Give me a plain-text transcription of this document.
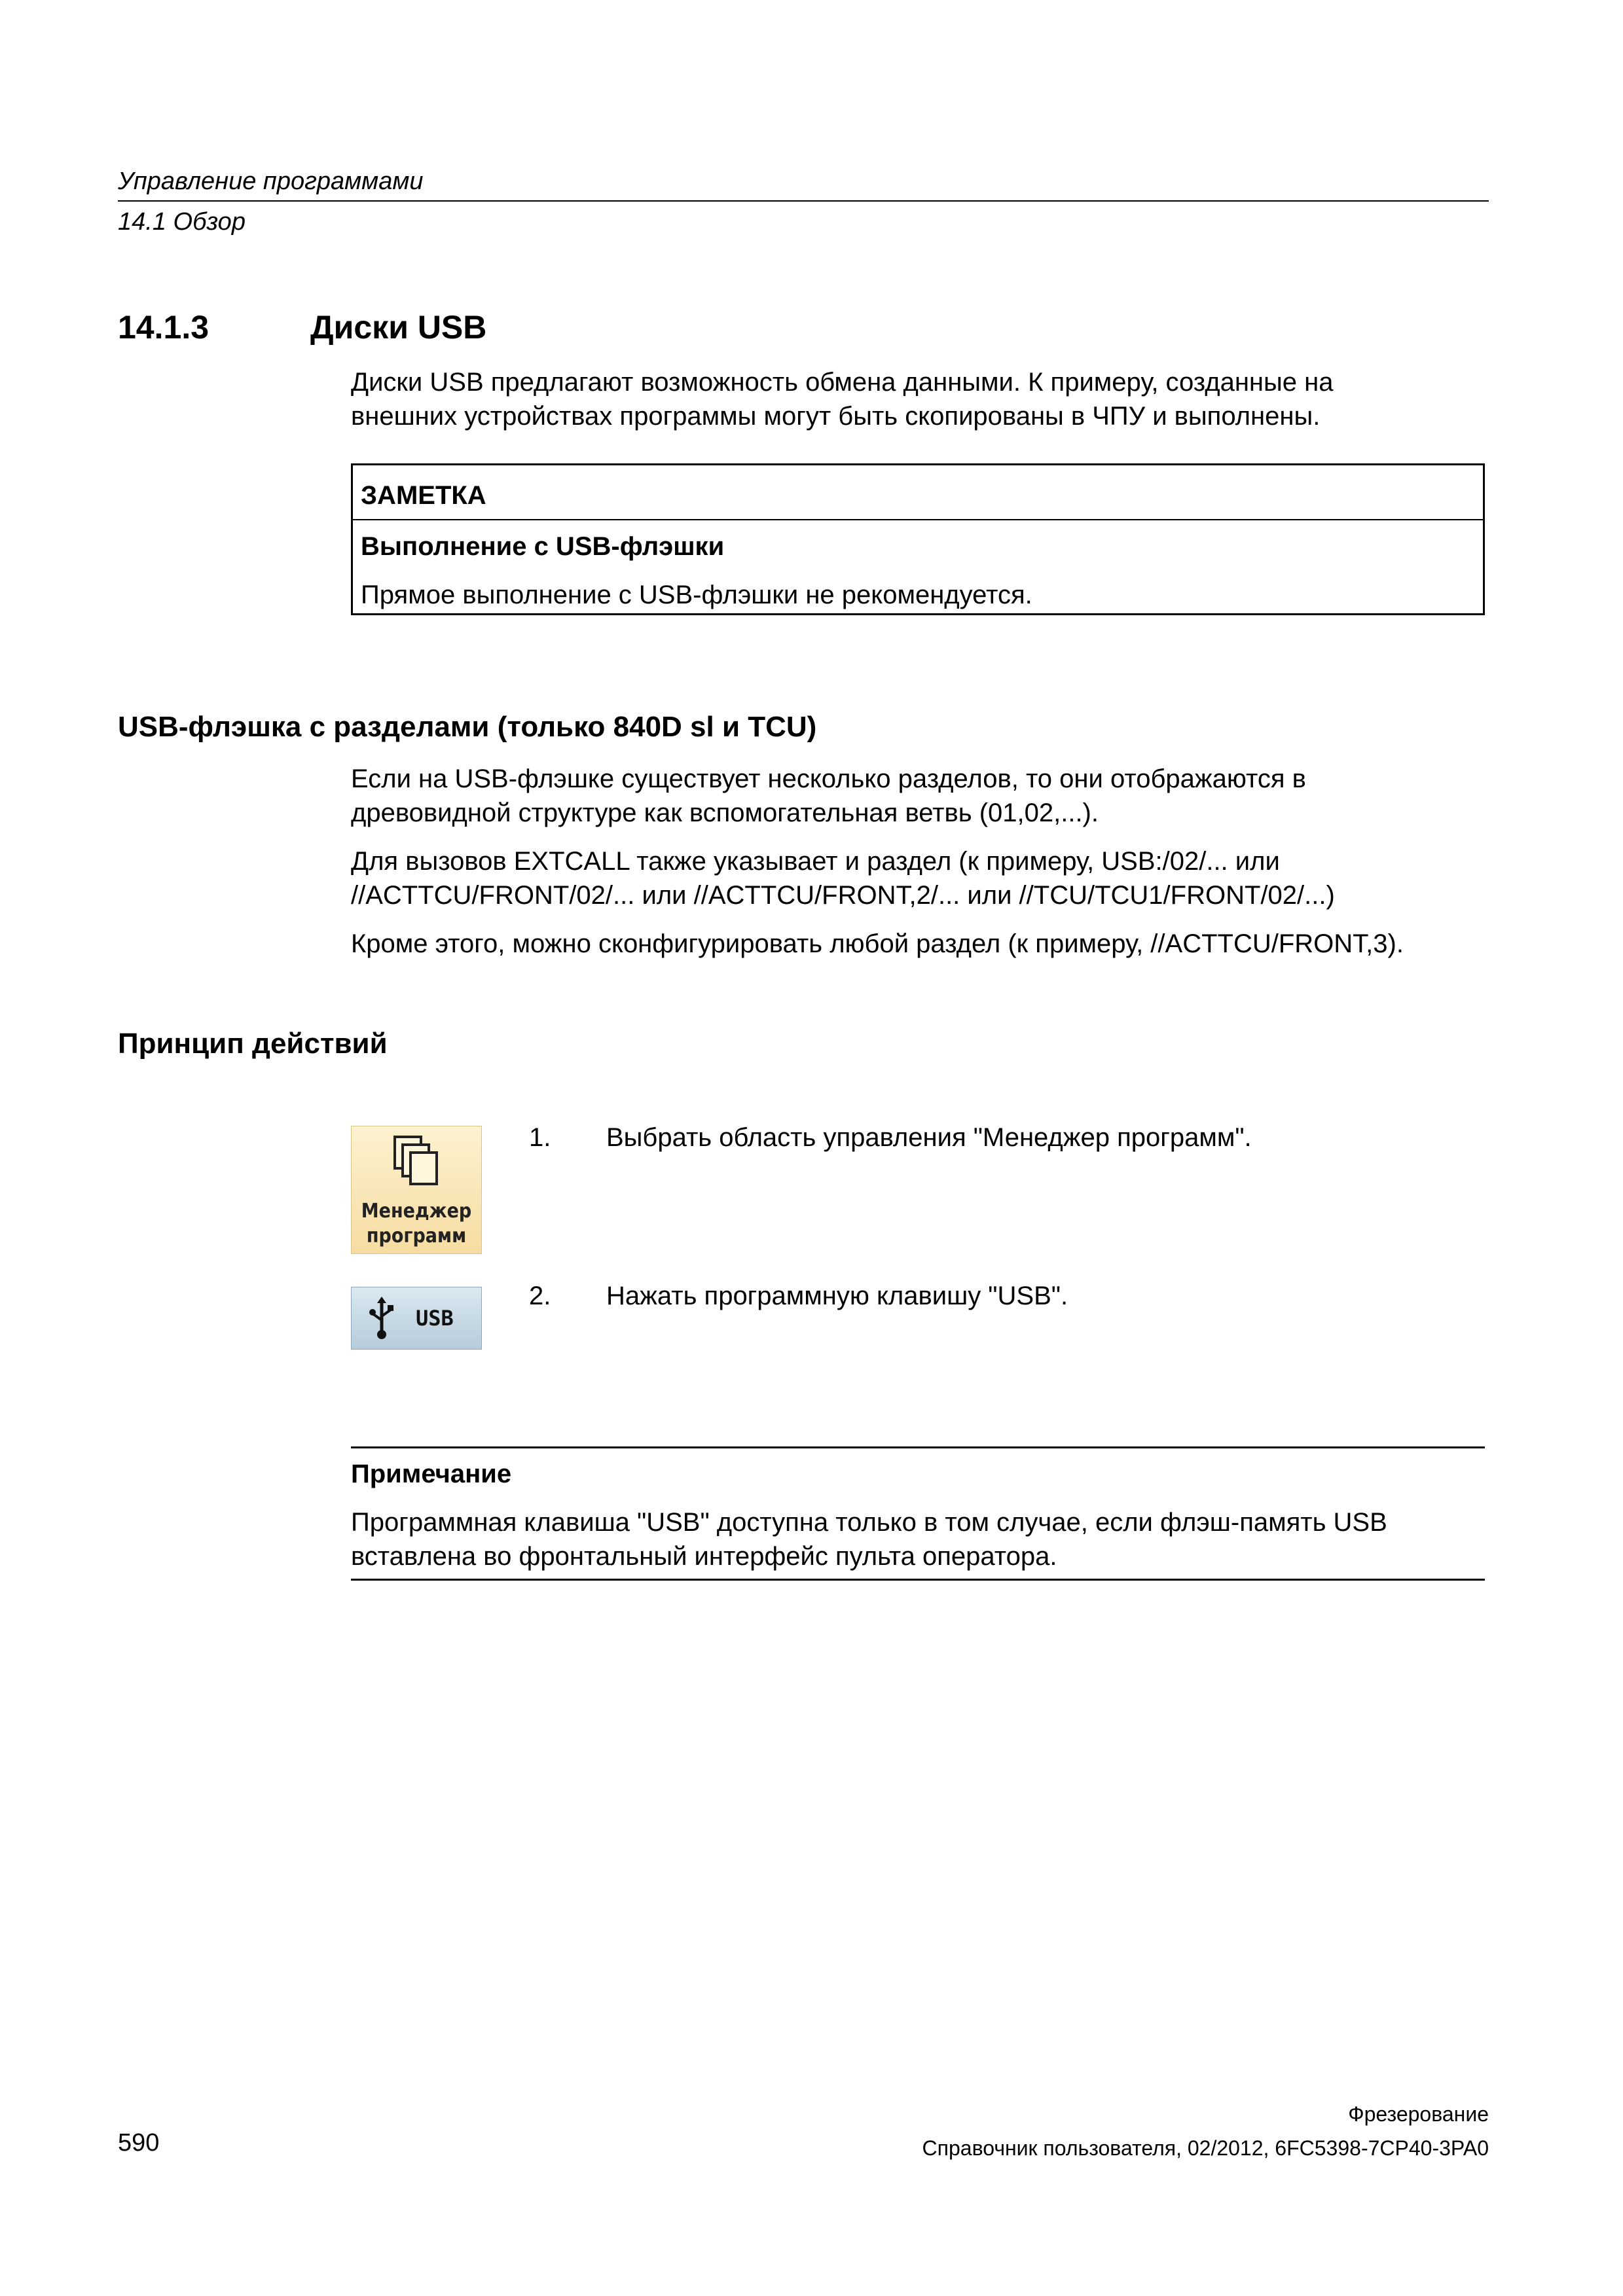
Управление программами
14.1 Обзор
14.1.3	Диски USB
Диски USB предлагают возможность обмена данными. К примеру, созданные на
внешних устройствах программы могут быть скопированы в ЧПУ и выполнены.
ЗАМЕТКА
Выполнение с USB-флэшки
Прямое выполнение с USB-флэшки не рекомендуется.
USB-флэшка с разделами (только 840D sl и TCU)
Если на USB-флэшке существует несколько разделов, то они отображаются в
древовидной структуре как вспомогательная ветвь (01,02,...).
Для вызовов EXTCALL также указывает и раздел (к примеру, USB:/02/... или
//ACTTCU/FRONT/02/... или //ACTTCU/FRONT,2/... или //TCU/TCU1/FRONT/02/...)
Кроме этого, можно сконфигурировать любой раздел (к примеру, //ACTTCU/FRONT,3).
Принцип действий
Менеджер
программ
USB
1. Выбрать область управления "Менеджер программ".
2. Нажать программную клавишу "USB".
Примечание
Программная клавиша "USB" доступна только в том случае, если флэш-память USB
вставлена во фронтальный интерфейс пульта оператора.
590
Фрезерование
Справочник пользователя, 02/2012, 6FC5398-7CP40-3PA0
